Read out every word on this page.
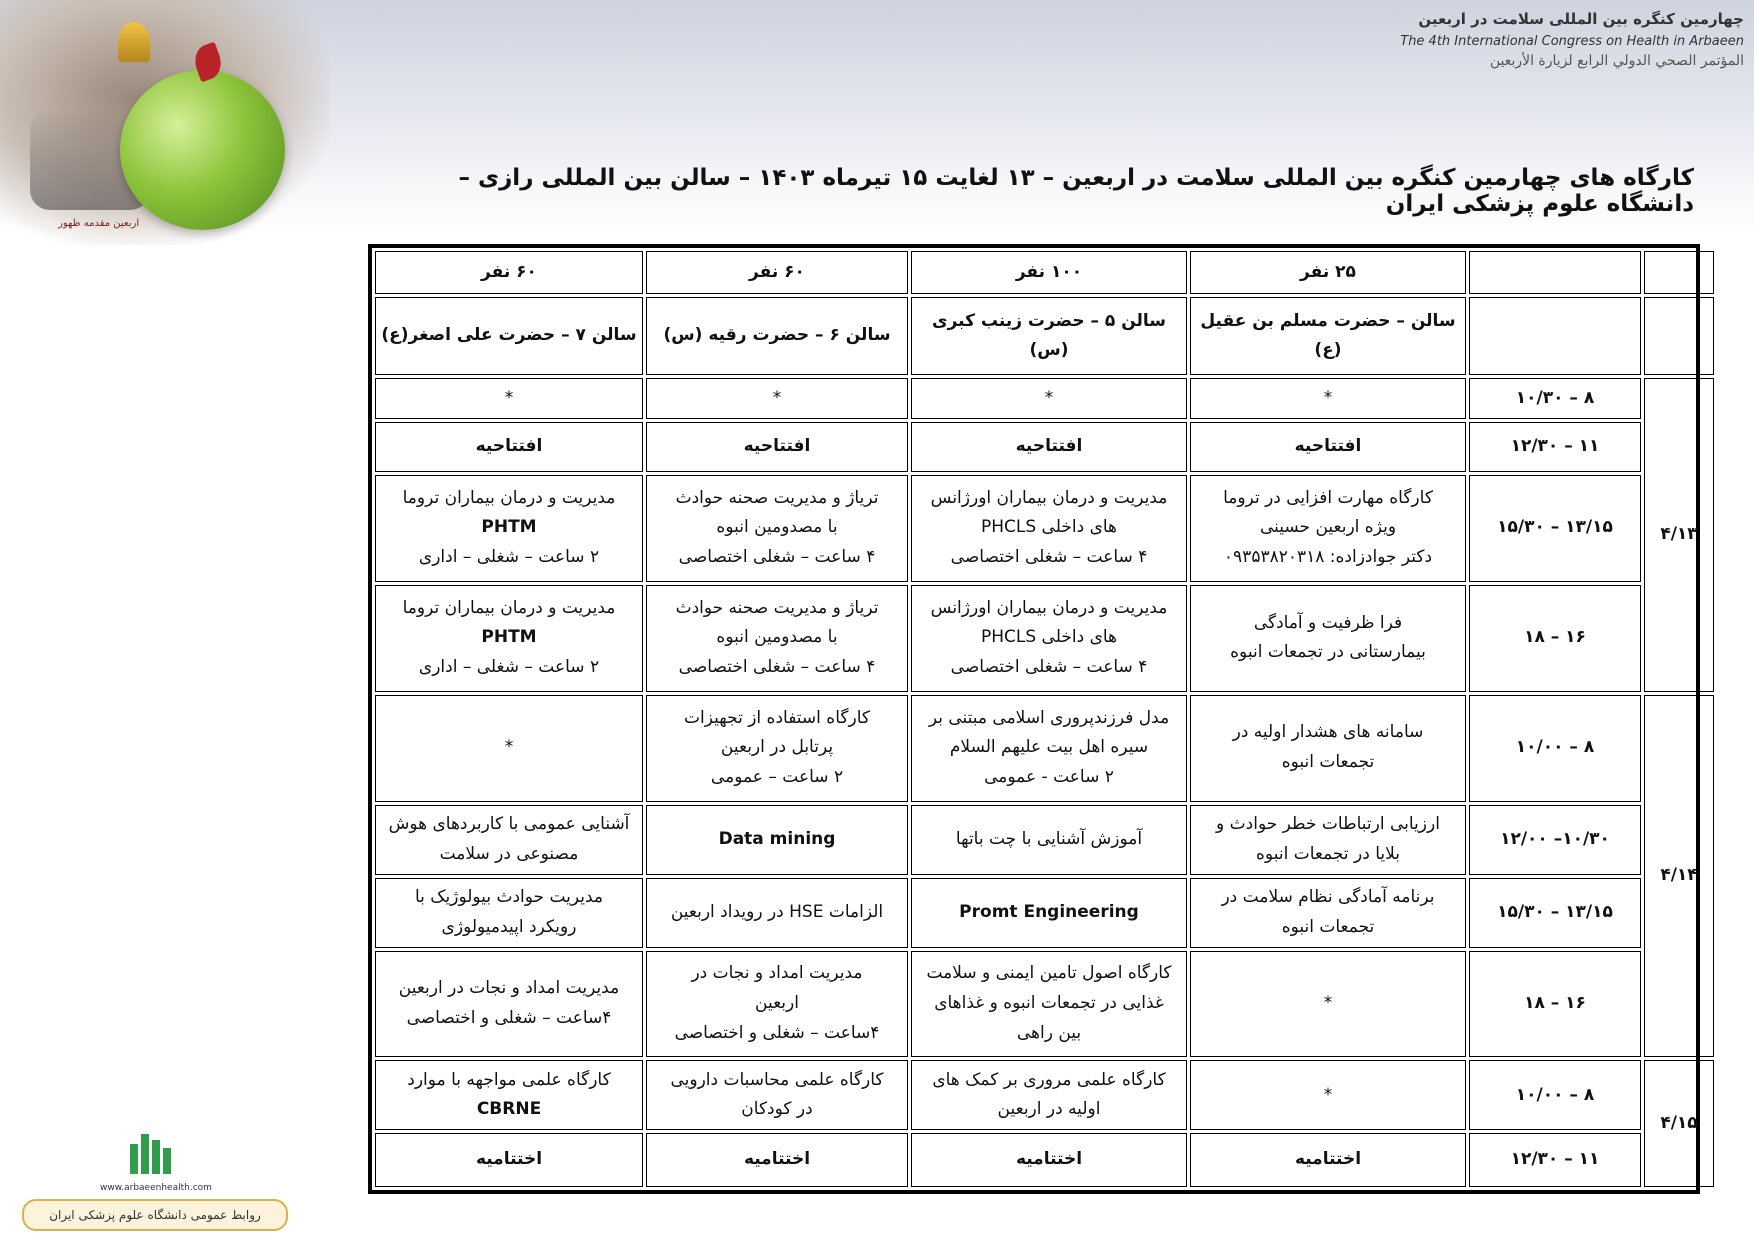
اربعین مقدمه ظهور
چهارمین کنگره بین المللی سلامت در اربعین
The 4th International Congress on Health in Arbaeen
المؤتمر الصحي الدولي الرابع لزيارة الأربعين
کارگاه های چهارمین کنگره بین المللی سلامت در اربعین – ۱۳ لغایت ۱۵ تیرماه ۱۴۰۳ – سالن بین المللی رازی – دانشگاه علوم پزشکی ایران
		۲۵ نفر	۱۰۰ نفر	۶۰ نفر	۶۰ نفر
		سالن – حضرت مسلم بن عقیل (ع)	سالن ۵ – حضرت زینب کبری (س)	سالن ۶ – حضرت رقیه (س)	سالن ۷ – حضرت علی اصغر(ع)
۴/۱۳	۸ – ۱۰/۳۰	*	*	*	*
	۱۱ – ۱۲/۳۰	افتتاحیه	افتتاحیه	افتتاحیه	افتتاحیه
	۱۳/۱۵ – ۱۵/۳۰	کارگاه مهارت افزایی در تروما
ویژه اربعین حسینی
دکتر جوادزاده: ۰۹۳۵۳۸۲۰۳۱۸	مدیریت و درمان بیماران اورژانس
های داخلی PHCLS
۴ ساعت – شغلی اختصاصی	تریاژ و مدیریت صحنه حوادث
با مصدومین انبوه
۴ ساعت – شغلی اختصاصی	مدیریت و درمان بیماران تروما
PHTM
۲ ساعت – شغلی – اداری

	۱۶ – ۱۸	فرا ظرفیت و آمادگی
بیمارستانی در تجمعات انبوه	مدیریت و درمان بیماران اورژانس
های داخلی PHCLS
۴ ساعت – شغلی اختصاصی	تریاژ و مدیریت صحنه حوادث
با مصدومین انبوه
۴ ساعت – شغلی اختصاصی	مدیریت و درمان بیماران تروما
PHTM
۲ ساعت – شغلی – اداری

۴/۱۴	۸ – ۱۰/۰۰	سامانه های هشدار اولیه در
تجمعات انبوه	مدل فرزندپروری اسلامی مبتنی بر
سیره اهل بیت علیهم السلام
۲ ساعت - عمومی	کارگاه استفاده از تجهیزات
پرتابل در اربعین
۲ ساعت – عمومی	*
	۱۰/۳۰– ۱۲/۰۰	ارزیابی ارتباطات خطر حوادث و
بلایا در تجمعات انبوه	آموزش آشنایی با چت باتها	Data mining	آشنایی عمومی با کاربردهای هوش
مصنوعی در سلامت

	۱۳/۱۵ – ۱۵/۳۰	برنامه آمادگی نظام سلامت در
تجمعات انبوه	Promt Engineering	الزامات HSE در رویداد اربعین	مدیریت حوادث بیولوژیک با
رویکرد اپیدمیولوژی

	۱۶ – ۱۸	*	کارگاه اصول تامین ایمنی و سلامت
غذایی در تجمعات انبوه و غذاهای
بین راهی	مدیریت امداد و نجات در
اربعین
۴ساعت – شغلی و اختصاصی	مدیریت امداد و نجات در اربعین
۴ساعت – شغلی و اختصاصی

۴/۱۵	۸ – ۱۰/۰۰	*	کارگاه علمی مروری بر کمک های
اولیه در اربعین	کارگاه علمی محاسبات دارویی
در کودکان	کارگاه علمی مواجهه با موارد
CBRNE

	۱۱ – ۱۲/۳۰	اختتامیه	اختتامیه	اختتامیه	اختتامیه
www.arbaeenhealth.com
روابط عمومی دانشگاه علوم پزشکی ایران
